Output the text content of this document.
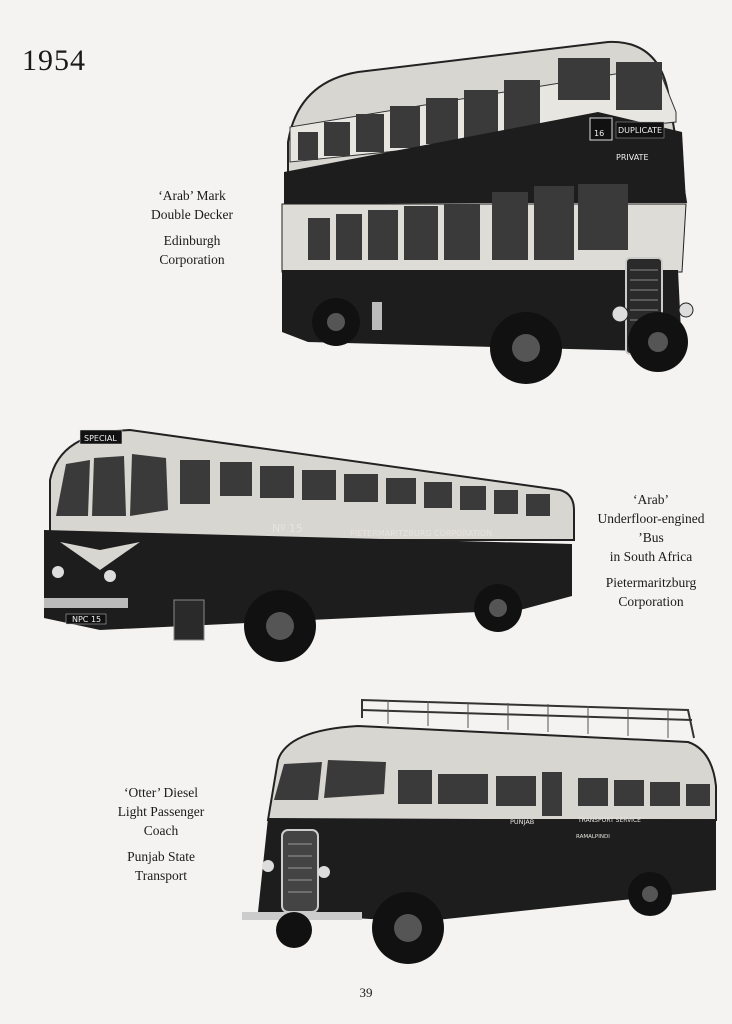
1954
16 DUPLICATE
PRIVATE
‘Arab’ Mark
Double Decker
Edinburgh
Corporation
SPECIAL
Nº 15	PIETERMARITZBURG CORPORATION
NPC 15
‘Arab’
Underfloor-engined
’Bus
in South Africa
Pietermaritzburg
Corporation
PUNJAB	TRANSPORT SERVICE
RAMALPINDI
‘Otter’ Diesel
Light Passenger
Coach
Punjab State
Transport
39
